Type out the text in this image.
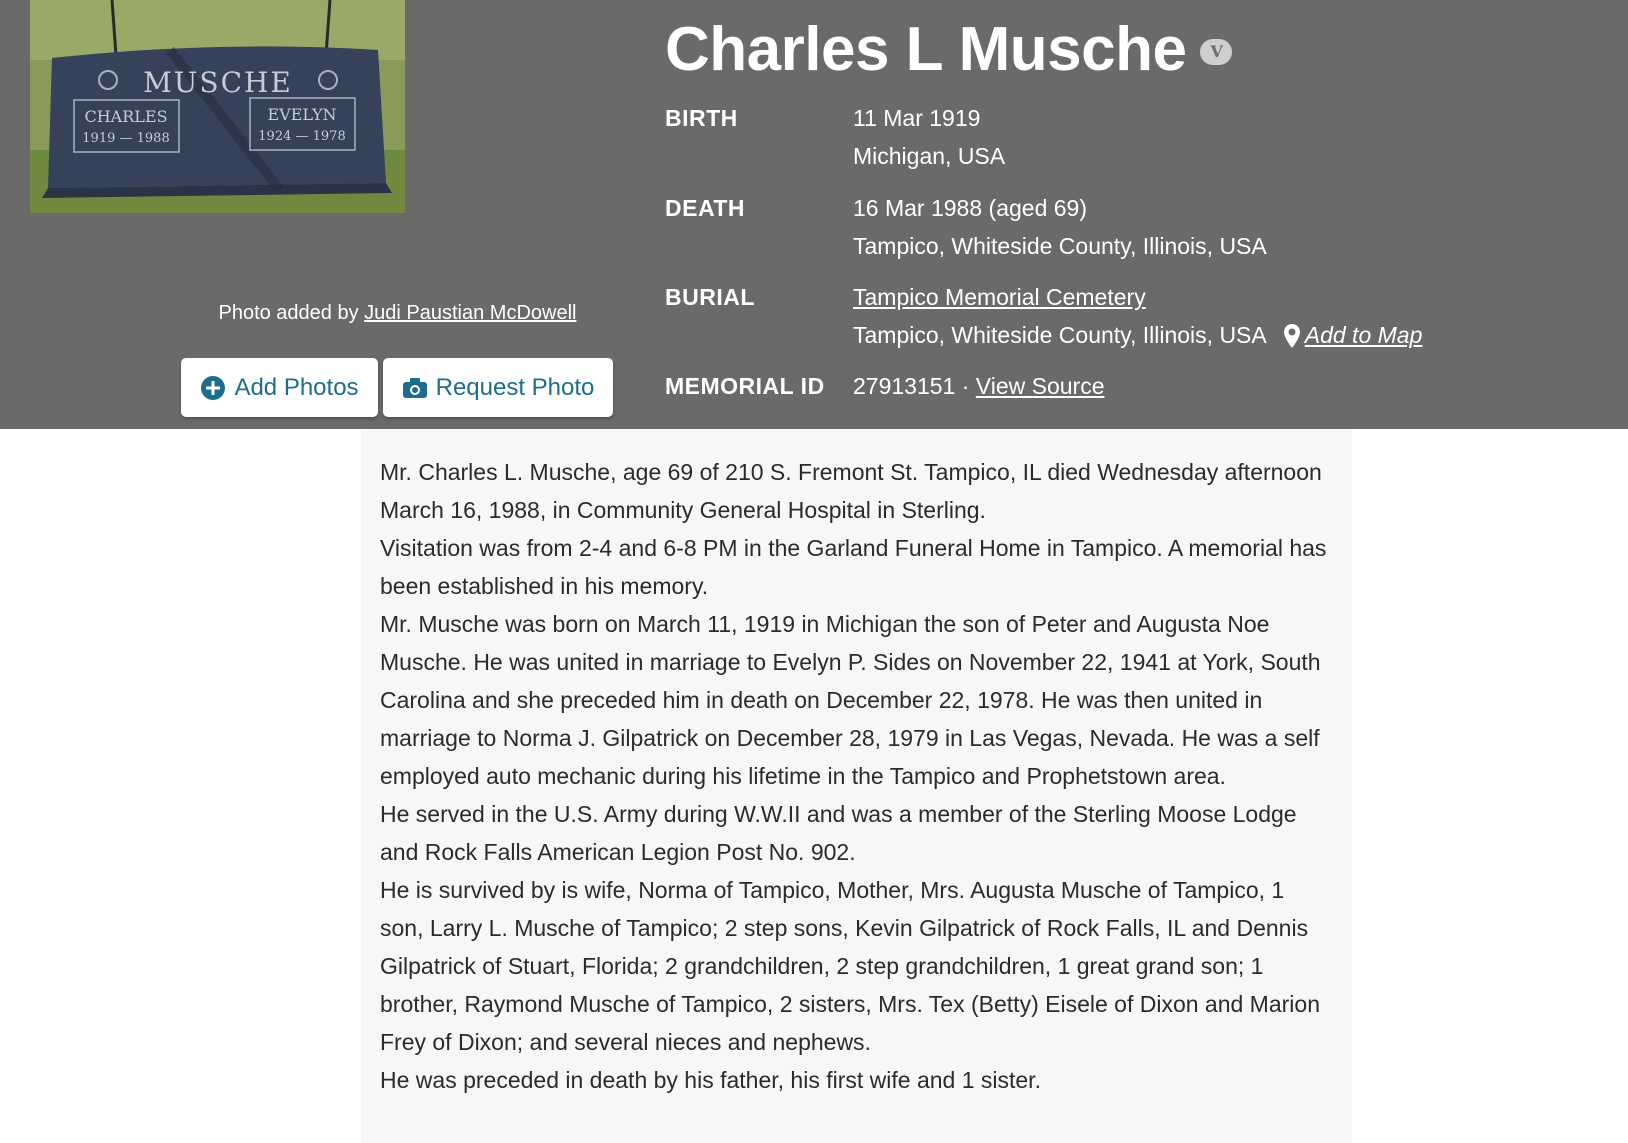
MUSCHE
CHARLES
1919 — 1988
EVELYN
1924 — 1978
Photo added by Judi Paustian McDowell
Add Photos	Request Photo
Charles L Musche	V
BIRTH	11 Mar 1919
Michigan, USA
DEATH	16 Mar 1988 (aged 69)
Tampico, Whiteside County, Illinois, USA
BURIAL	Tampico Memorial Cemetery
Tampico, Whiteside County, Illinois, USA Add to Map
MEMORIAL ID 27913151 · View Source

Mr. Charles L. Musche, age 69 of 210 S. Fremont St. Tampico, IL died Wednesday afternoon March 16, 1988, in Community General Hospital in Sterling.

Visitation was from 2-4 and 6-8 PM in the Garland Funeral Home in Tampico. A memorial has been established in his memory.

Mr. Musche was born on March 11, 1919 in Michigan the son of Peter and Augusta Noe Musche. He was united in marriage to Evelyn P. Sides on November 22, 1941 at York, South Carolina and she preceded him in death on December 22, 1978. He was then united in marriage to Norma J. Gilpatrick on December 28, 1979 in Las Vegas, Nevada. He was a self employed auto mechanic during his lifetime in the Tampico and Prophetstown area.

He served in the U.S. Army during W.W.II and was a member of the Sterling Moose Lodge and Rock Falls American Legion Post No. 902.

He is survived by is wife, Norma of Tampico, Mother, Mrs. Augusta Musche of Tampico, 1 son, Larry L. Musche of Tampico; 2 step sons, Kevin Gilpatrick of Rock Falls, IL and Dennis Gilpatrick of Stuart, Florida; 2 grandchildren, 2 step grandchildren, 1 great grand son; 1 brother, Raymond Musche of Tampico, 2 sisters, Mrs. Tex (Betty) Eisele of Dixon and Marion Frey of Dixon; and several nieces and nephews.

He was preceded in death by his father, his first wife and 1 sister.
